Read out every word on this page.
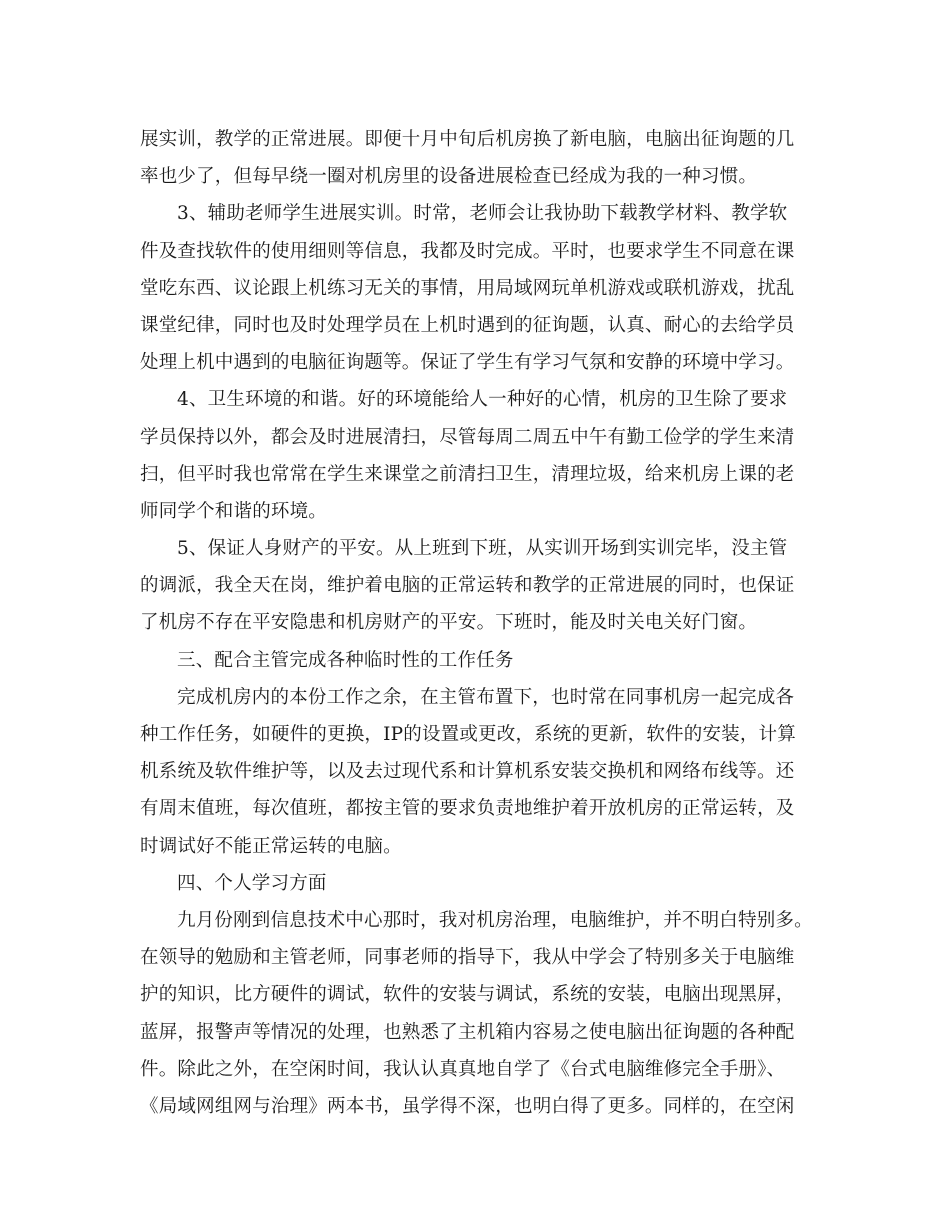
展实训，教学的正常进展。即便十月中旬后机房换了新电脑，电脑出征询题的几
率也少了，但每早绕一圈对机房里的设备进展检查已经成为我的一种习惯。
3、辅助老师学生进展实训。时常，老师会让我协助下载教学材料、教学软
件及查找软件的使用细则等信息，我都及时完成。平时，也要求学生不同意在课
堂吃东西、议论跟上机练习无关的事情，用局域网玩单机游戏或联机游戏，扰乱
课堂纪律，同时也及时处理学员在上机时遇到的征询题，认真、耐心的去给学员
处理上机中遇到的电脑征询题等。保证了学生有学习气氛和安静的环境中学习。
4、卫生环境的和谐。好的环境能给人一种好的心情，机房的卫生除了要求
学员保持以外，都会及时进展清扫，尽管每周二周五中午有勤工俭学的学生来清
扫，但平时我也常常在学生来课堂之前清扫卫生，清理垃圾，给来机房上课的老
师同学个和谐的环境。
5、保证人身财产的平安。从上班到下班，从实训开场到实训完毕，没主管
的调派，我全天在岗，维护着电脑的正常运转和教学的正常进展的同时，也保证
了机房不存在平安隐患和机房财产的平安。下班时，能及时关电关好门窗。
三、配合主管完成各种临时性的工作任务
完成机房内的本份工作之余，在主管布置下，也时常在同事机房一起完成各
种工作任务，如硬件的更换，IP的设置或更改，系统的更新，软件的安装，计算
机系统及软件维护等，以及去过现代系和计算机系安装交换机和网络布线等。还
有周末值班，每次值班，都按主管的要求负责地维护着开放机房的正常运转，及
时调试好不能正常运转的电脑。
四、个人学习方面
九月份刚到信息技术中心那时，我对机房治理，电脑维护，并不明白特别多。
在领导的勉励和主管老师，同事老师的指导下，我从中学会了特别多关于电脑维
护的知识，比方硬件的调试，软件的安装与调试，系统的安装，电脑出现黑屏，
蓝屏，报警声等情况的处理，也熟悉了主机箱内容易之使电脑出征询题的各种配
件。除此之外，在空闲时间，我认认真真地自学了《台式电脑维修完全手册》、
《局域网组网与治理》两本书，虽学得不深，也明白得了更多。同样的，在空闲
